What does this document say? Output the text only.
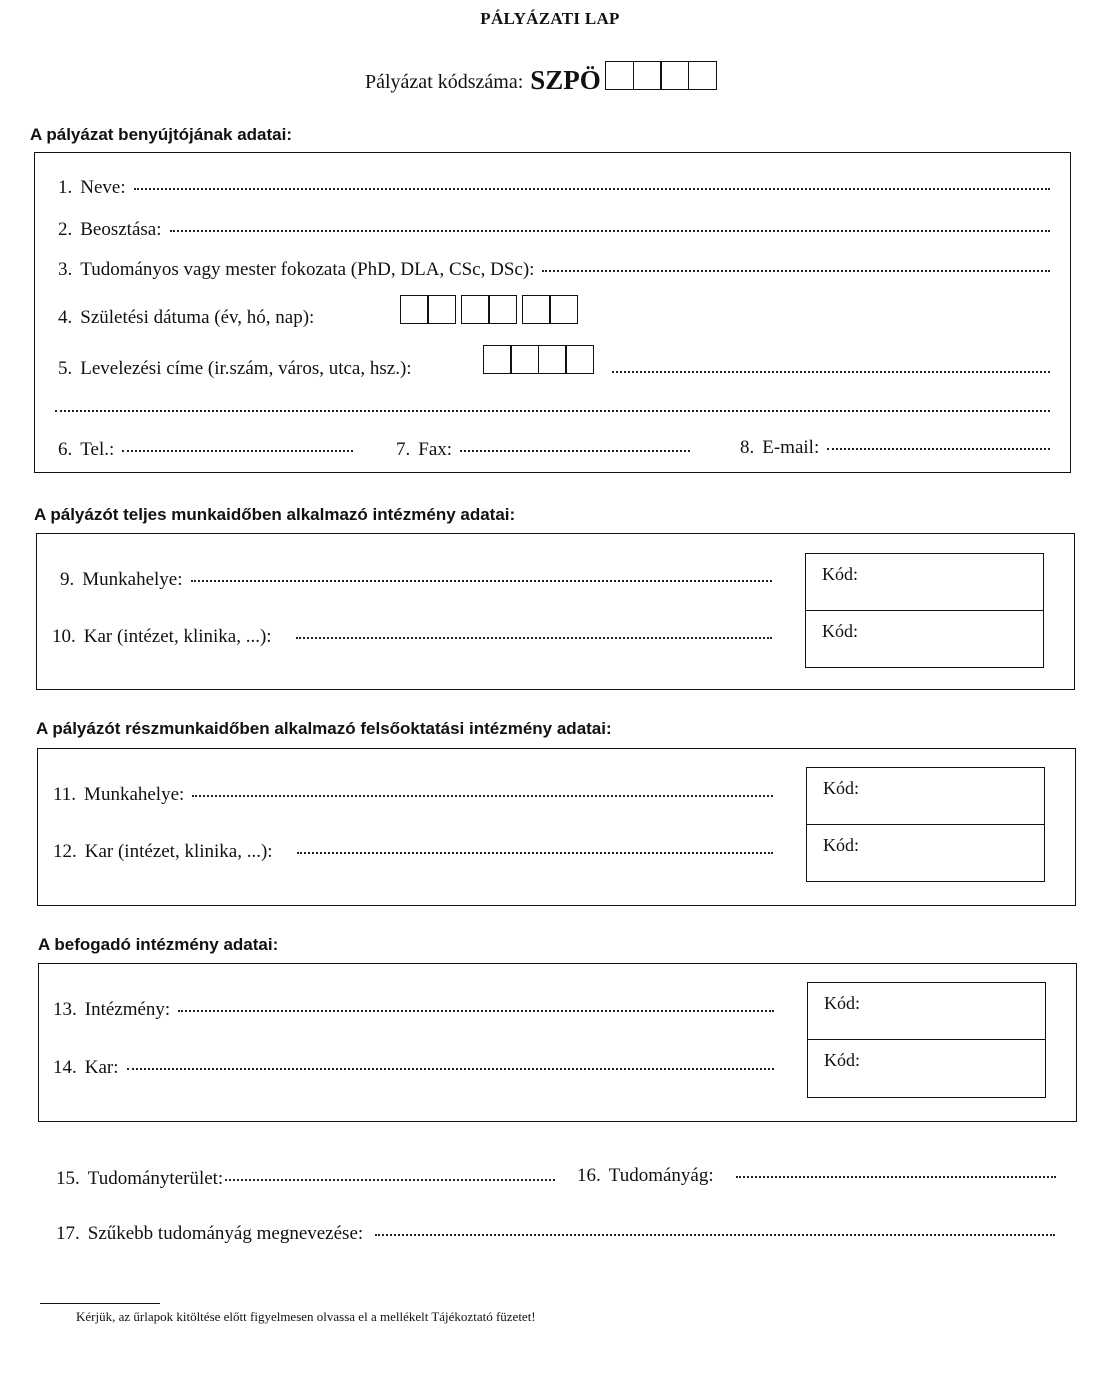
PÁLYÁZATI LAP
Pályázat kódszáma: SZPÖ
A pályázat benyújtójának adatai:
1. Neve:
2. Beosztása:
3. Tudományos vagy mester fokozata (PhD, DLA, CSc, DSc):
4. Születési dátuma (év, hó, nap):
5. Levelezési címe (ir.szám, város, utca, hsz.):
6. Tel.:	7. Fax:	8. E-mail:
A pályázót teljes munkaidőben alkalmazó intézmény adatai:
9. Munkahelye:
10. Kar (intézet, klinika, ...):
Kód:
Kód:
A pályázót részmunkaidőben alkalmazó felsőoktatási intézmény adatai:
11. Munkahelye:
12. Kar (intézet, klinika, ...):
Kód:
Kód:
A befogadó intézmény adatai:
13. Intézmény:
14. Kar:
Kód:
Kód:
15. Tudományterület:	16. Tudományág:
17. Szűkebb tudományág megnevezése:
Kérjük, az űrlapok kitöltése előtt figyelmesen olvassa el a mellékelt Tájékoztató füzetet!
